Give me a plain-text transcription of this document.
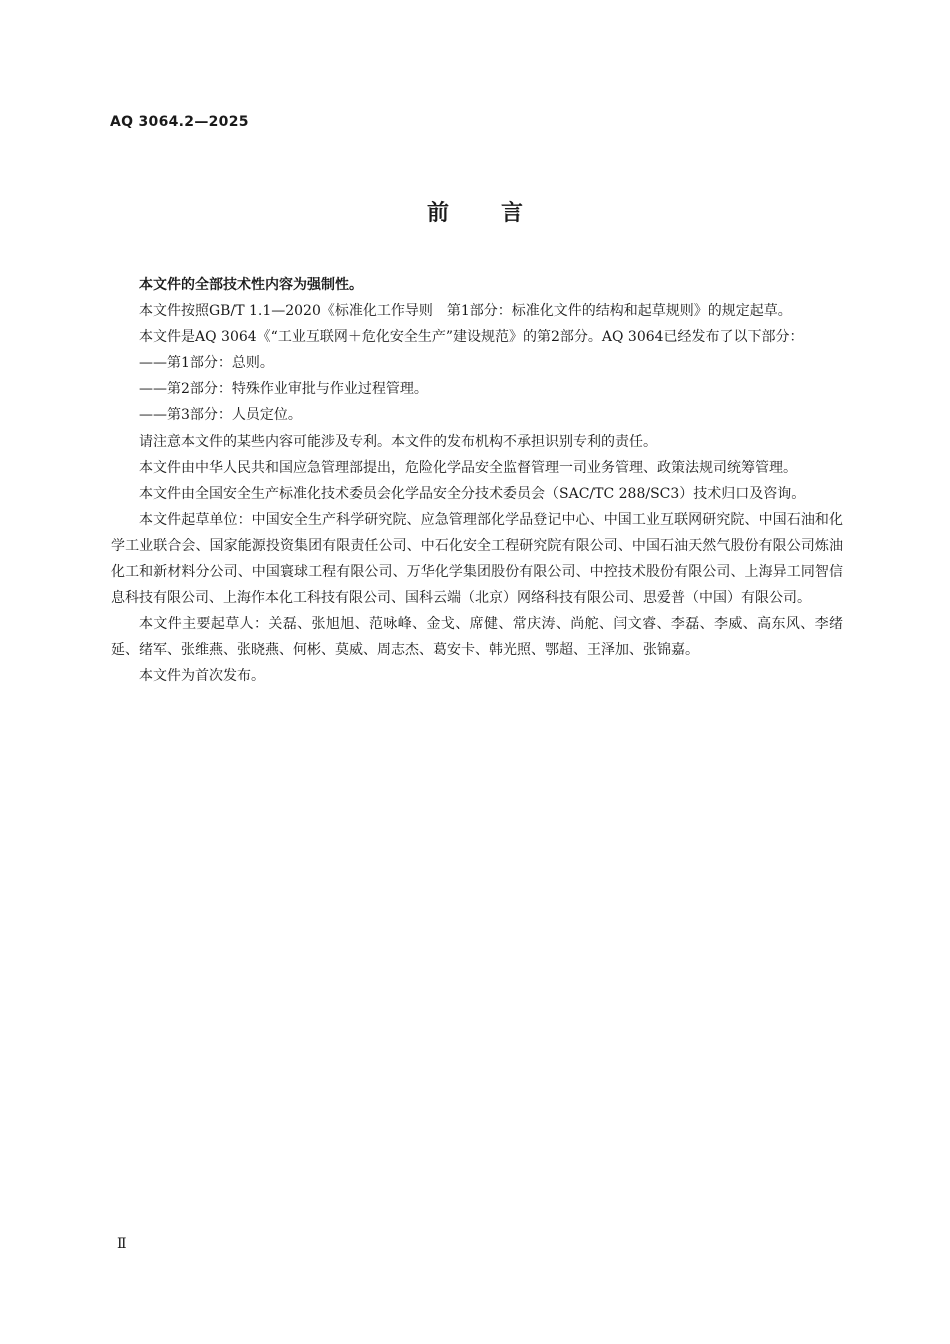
AQ 3064.2—2025
前言

本文件的全部技术性内容为强制性。

本文件按照GB/T 1.1—2020《标准化工作导则　第1部分：标准化文件的结构和起草规则》的规定起草。

本文件是AQ 3064《“工业互联网＋危化安全生产”建设规范》的第2部分。AQ 3064已经发布了以下部分：

——第1部分：总则。

——第2部分：特殊作业审批与作业过程管理。

——第3部分：人员定位。

请注意本文件的某些内容可能涉及专利。本文件的发布机构不承担识别专利的责任。

本文件由中华人民共和国应急管理部提出，危险化学品安全监督管理一司业务管理、政策法规司统筹管理。

本文件由全国安全生产标准化技术委员会化学品安全分技术委员会（SAC/TC 288/SC3）技术归口及咨询。

本文件起草单位：中国安全生产科学研究院、应急管理部化学品登记中心、中国工业互联网研究院、中国石油和化学工业联合会、国家能源投资集团有限责任公司、中石化安全工程研究院有限公司、中国石油天然气股份有限公司炼油化工和新材料分公司、中国寰球工程有限公司、万华化学集团股份有限公司、中控技术股份有限公司、上海异工同智信息科技有限公司、上海作本化工科技有限公司、国科云端（北京）网络科技有限公司、思爱普（中国）有限公司。

本文件主要起草人：关磊、张旭旭、范咏峰、金戈、席健、常庆涛、尚舵、闫文睿、李磊、李威、高东风、李绪延、绪军、张维燕、张晓燕、何彬、莫威、周志杰、葛安卡、韩光照、鄂超、王泽加、张锦嘉。

本文件为首次发布。

Ⅱ
